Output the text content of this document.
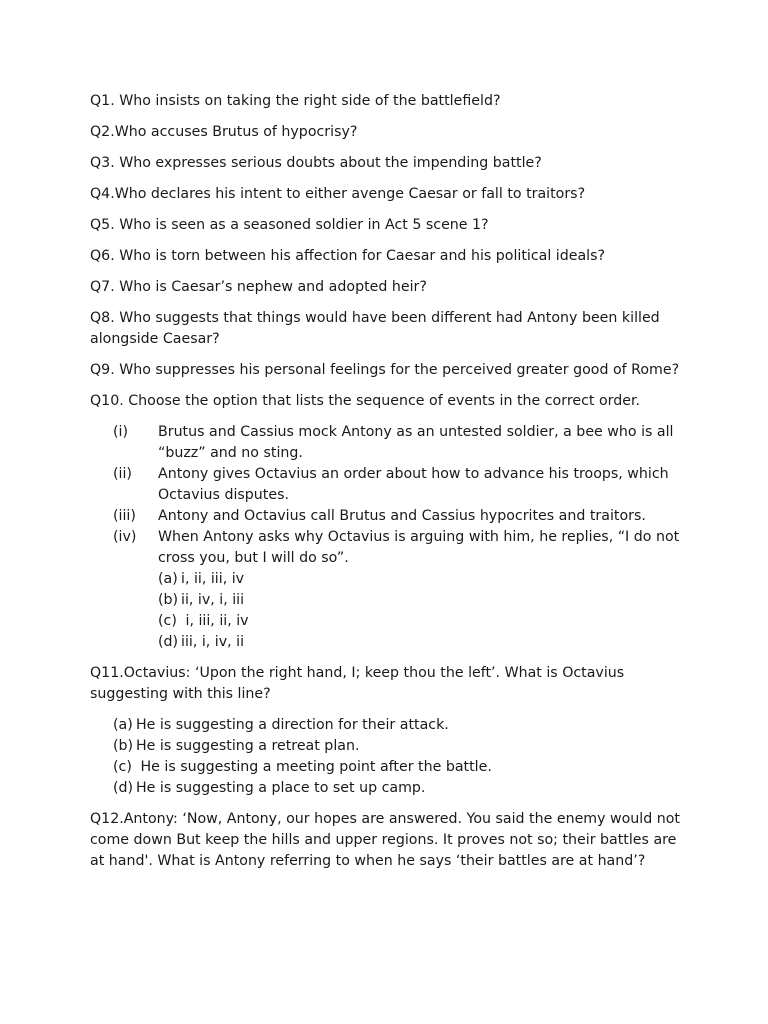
Q1. Who insists on taking the right side of the battlefield?

Q2.Who accuses Brutus of hypocrisy?

Q3. Who expresses serious doubts about the impending battle?

Q4.Who declares his intent to either avenge Caesar or fall to traitors?

Q5. Who is seen as a seasoned soldier in Act 5 scene 1?

Q6. Who is torn between his affection for Caesar and his political ideals?

Q7. Who is Caesar’s nephew and adopted heir?

Q8. Who suggests that things would have been different had Antony been killed alongside Caesar?

Q9. Who suppresses his personal feelings for the perceived greater good of Rome?

Q10. Choose the option that lists the sequence of events in the correct order.

(i)	Brutus and Cassius mock Antony as an untested soldier, a bee who is all “buzz” and no sting.
(ii)	Antony gives Octavius an order about how to advance his troops, which Octavius disputes.
(iii)	Antony and Octavius call Brutus and Cassius hypocrites and traitors.
(iv)	When Antony asks why Octavius is arguing with him, he replies, “I do not cross you, but I will do so”.
(a) i, ii, iii, iv
(b) ii, iv, i, iii
(c) i, iii, ii, iv
(d) iii, i, iv, ii

Q11.Octavius: ‘Upon the right hand, I; keep thou the left’. What is Octavius suggesting with this line?

(a) He is suggesting a direction for their attack.
(b) He is suggesting a retreat plan.
(c) He is suggesting a meeting point after the battle.
(d) He is suggesting a place to set up camp.

Q12.Antony: ‘Now, Antony, our hopes are answered. You said the enemy would not come down But keep the hills and upper regions. It proves not so; their battles are at hand'. What is Antony referring to when he says ‘their battles are at hand’?
